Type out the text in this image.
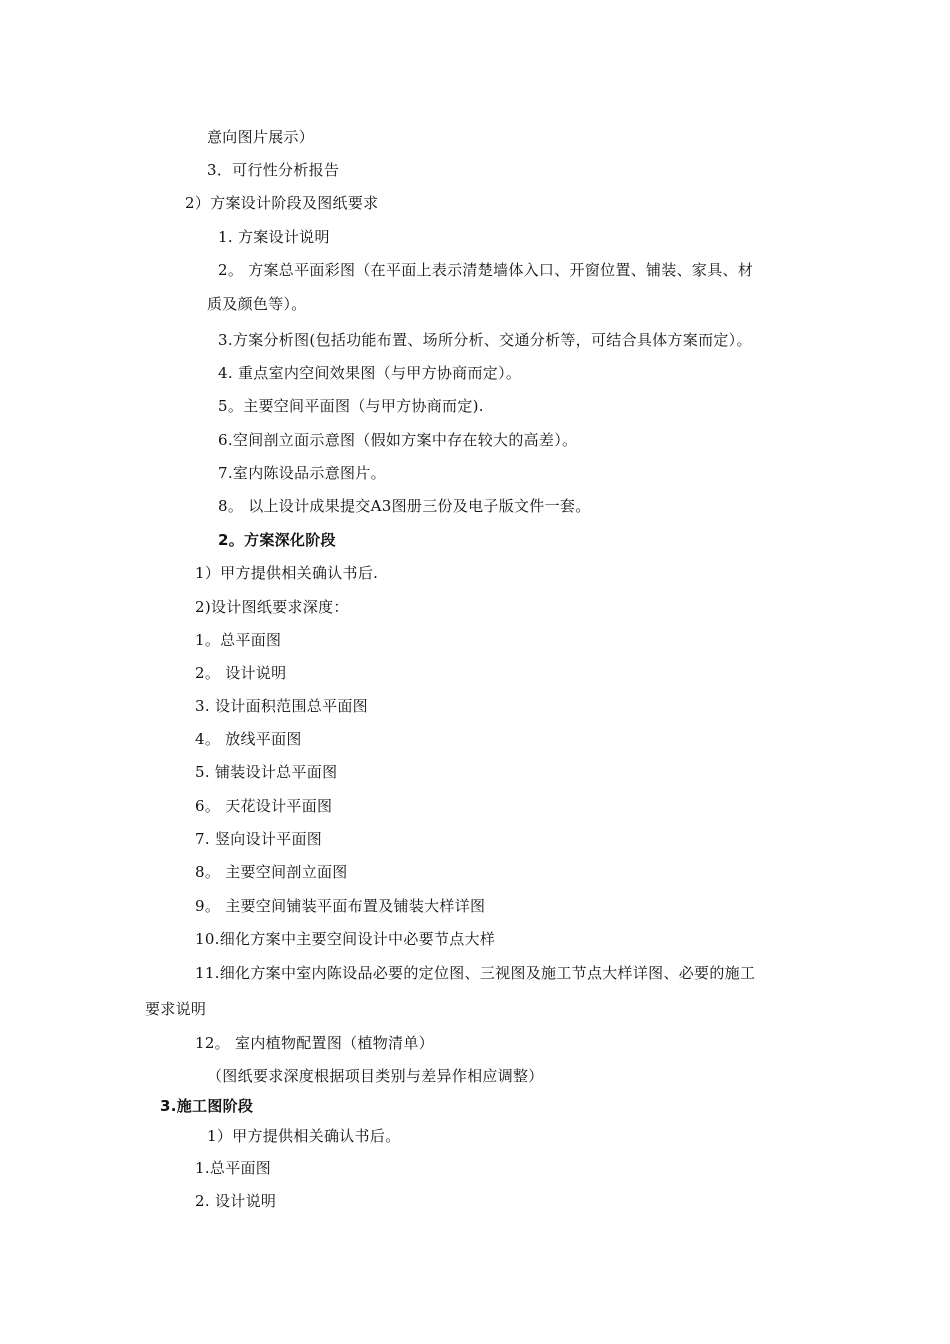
意向图片展示）
3．可行性分析报告
2）方案设计阶段及图纸要求
1. 方案设计说明
2。 方案总平面彩图（在平面上表示清楚墙体入口、开窗位置、铺装、家具、材
质及颜色等）。
3.方案分析图(包括功能布置、场所分析、交通分析等，可结合具体方案而定）。
4. 重点室内空间效果图（与甲方协商而定）。
5。主要空间平面图（与甲方协商而定).
6.空间剖立面示意图（假如方案中存在较大的高差）。
7.室内陈设品示意图片。
8。 以上设计成果提交A3图册三份及电子版文件一套。
2。方案深化阶段
1）甲方提供相关确认书后.
2)设计图纸要求深度：
1。总平面图
2。 设计说明
3. 设计面积范围总平面图
4。 放线平面图
5. 铺装设计总平面图
6。 天花设计平面图
7. 竖向设计平面图
8。 主要空间剖立面图
9。 主要空间铺装平面布置及铺装大样详图
10.细化方案中主要空间设计中必要节点大样
11.细化方案中室内陈设品必要的定位图、三视图及施工节点大样详图、必要的施工
要求说明
12。 室内植物配置图（植物清单）
（图纸要求深度根据项目类别与差异作相应调整）
3.施工图阶段
1）甲方提供相关确认书后。
1.总平面图
2. 设计说明
